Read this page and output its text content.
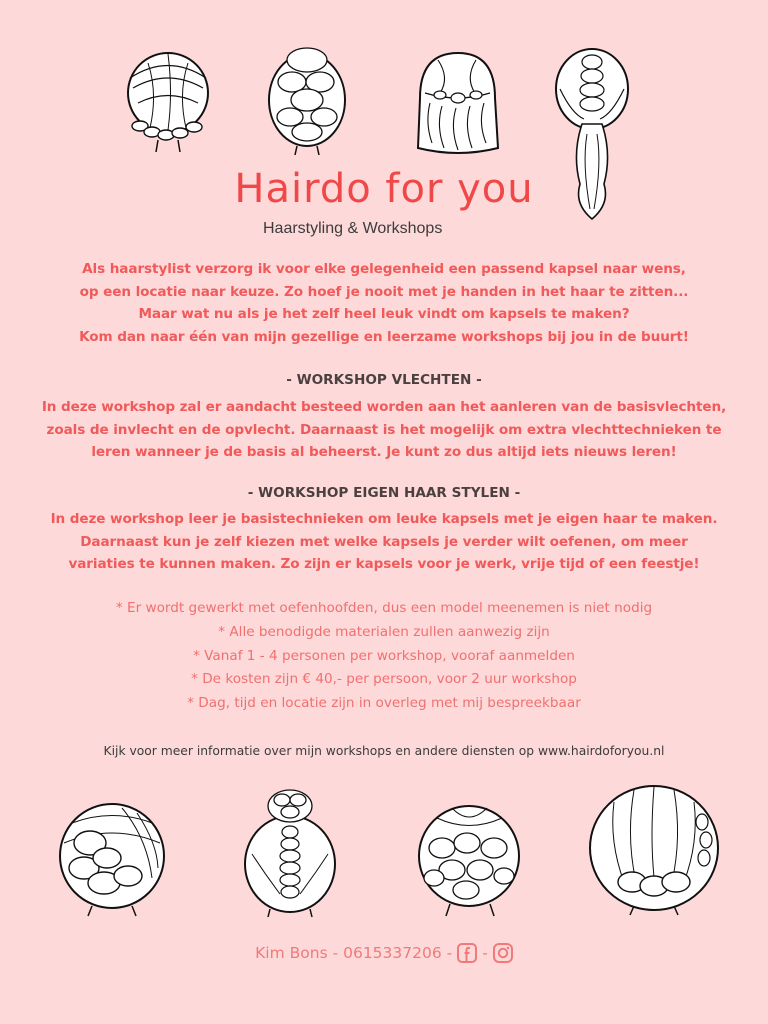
Hairdo for you
Haarstyling & Workshops
Als haarstylist verzorg ik voor elke gelegenheid een passend kapsel naar wens,
op een locatie naar keuze. Zo hoef je nooit met je handen in het haar te zitten...
Maar wat nu als je het zelf heel leuk vindt om kapsels te maken?
Kom dan naar één van mijn gezellige en leerzame workshops bij jou in de buurt!
- WORKSHOP VLECHTEN -
In deze workshop zal er aandacht besteed worden aan het aanleren van de basisvlechten,
zoals de invlecht en de opvlecht. Daarnaast is het mogelijk om extra vlechttechnieken te
leren wanneer je de basis al beheerst. Je kunt zo dus altijd iets nieuws leren!
- WORKSHOP EIGEN HAAR STYLEN -
In deze workshop leer je basistechnieken om leuke kapsels met je eigen haar te maken.
Daarnaast kun je zelf kiezen met welke kapsels je verder wilt oefenen, om meer
variaties te kunnen maken. Zo zijn er kapsels voor je werk, vrije tijd of een feestje!
* Er wordt gewerkt met oefenhoofden, dus een model meenemen is niet nodig
* Alle benodigde materialen zullen aanwezig zijn
* Vanaf 1 - 4 personen per workshop, vooraf aanmelden
* De kosten zijn € 40,- per persoon, voor 2 uur workshop
* Dag, tijd en locatie zijn in overleg met mij bespreekbaar
Kijk voor meer informatie over mijn workshops en andere diensten op www.hairdoforyou.nl
Kim Bons - 0615337206 - -
